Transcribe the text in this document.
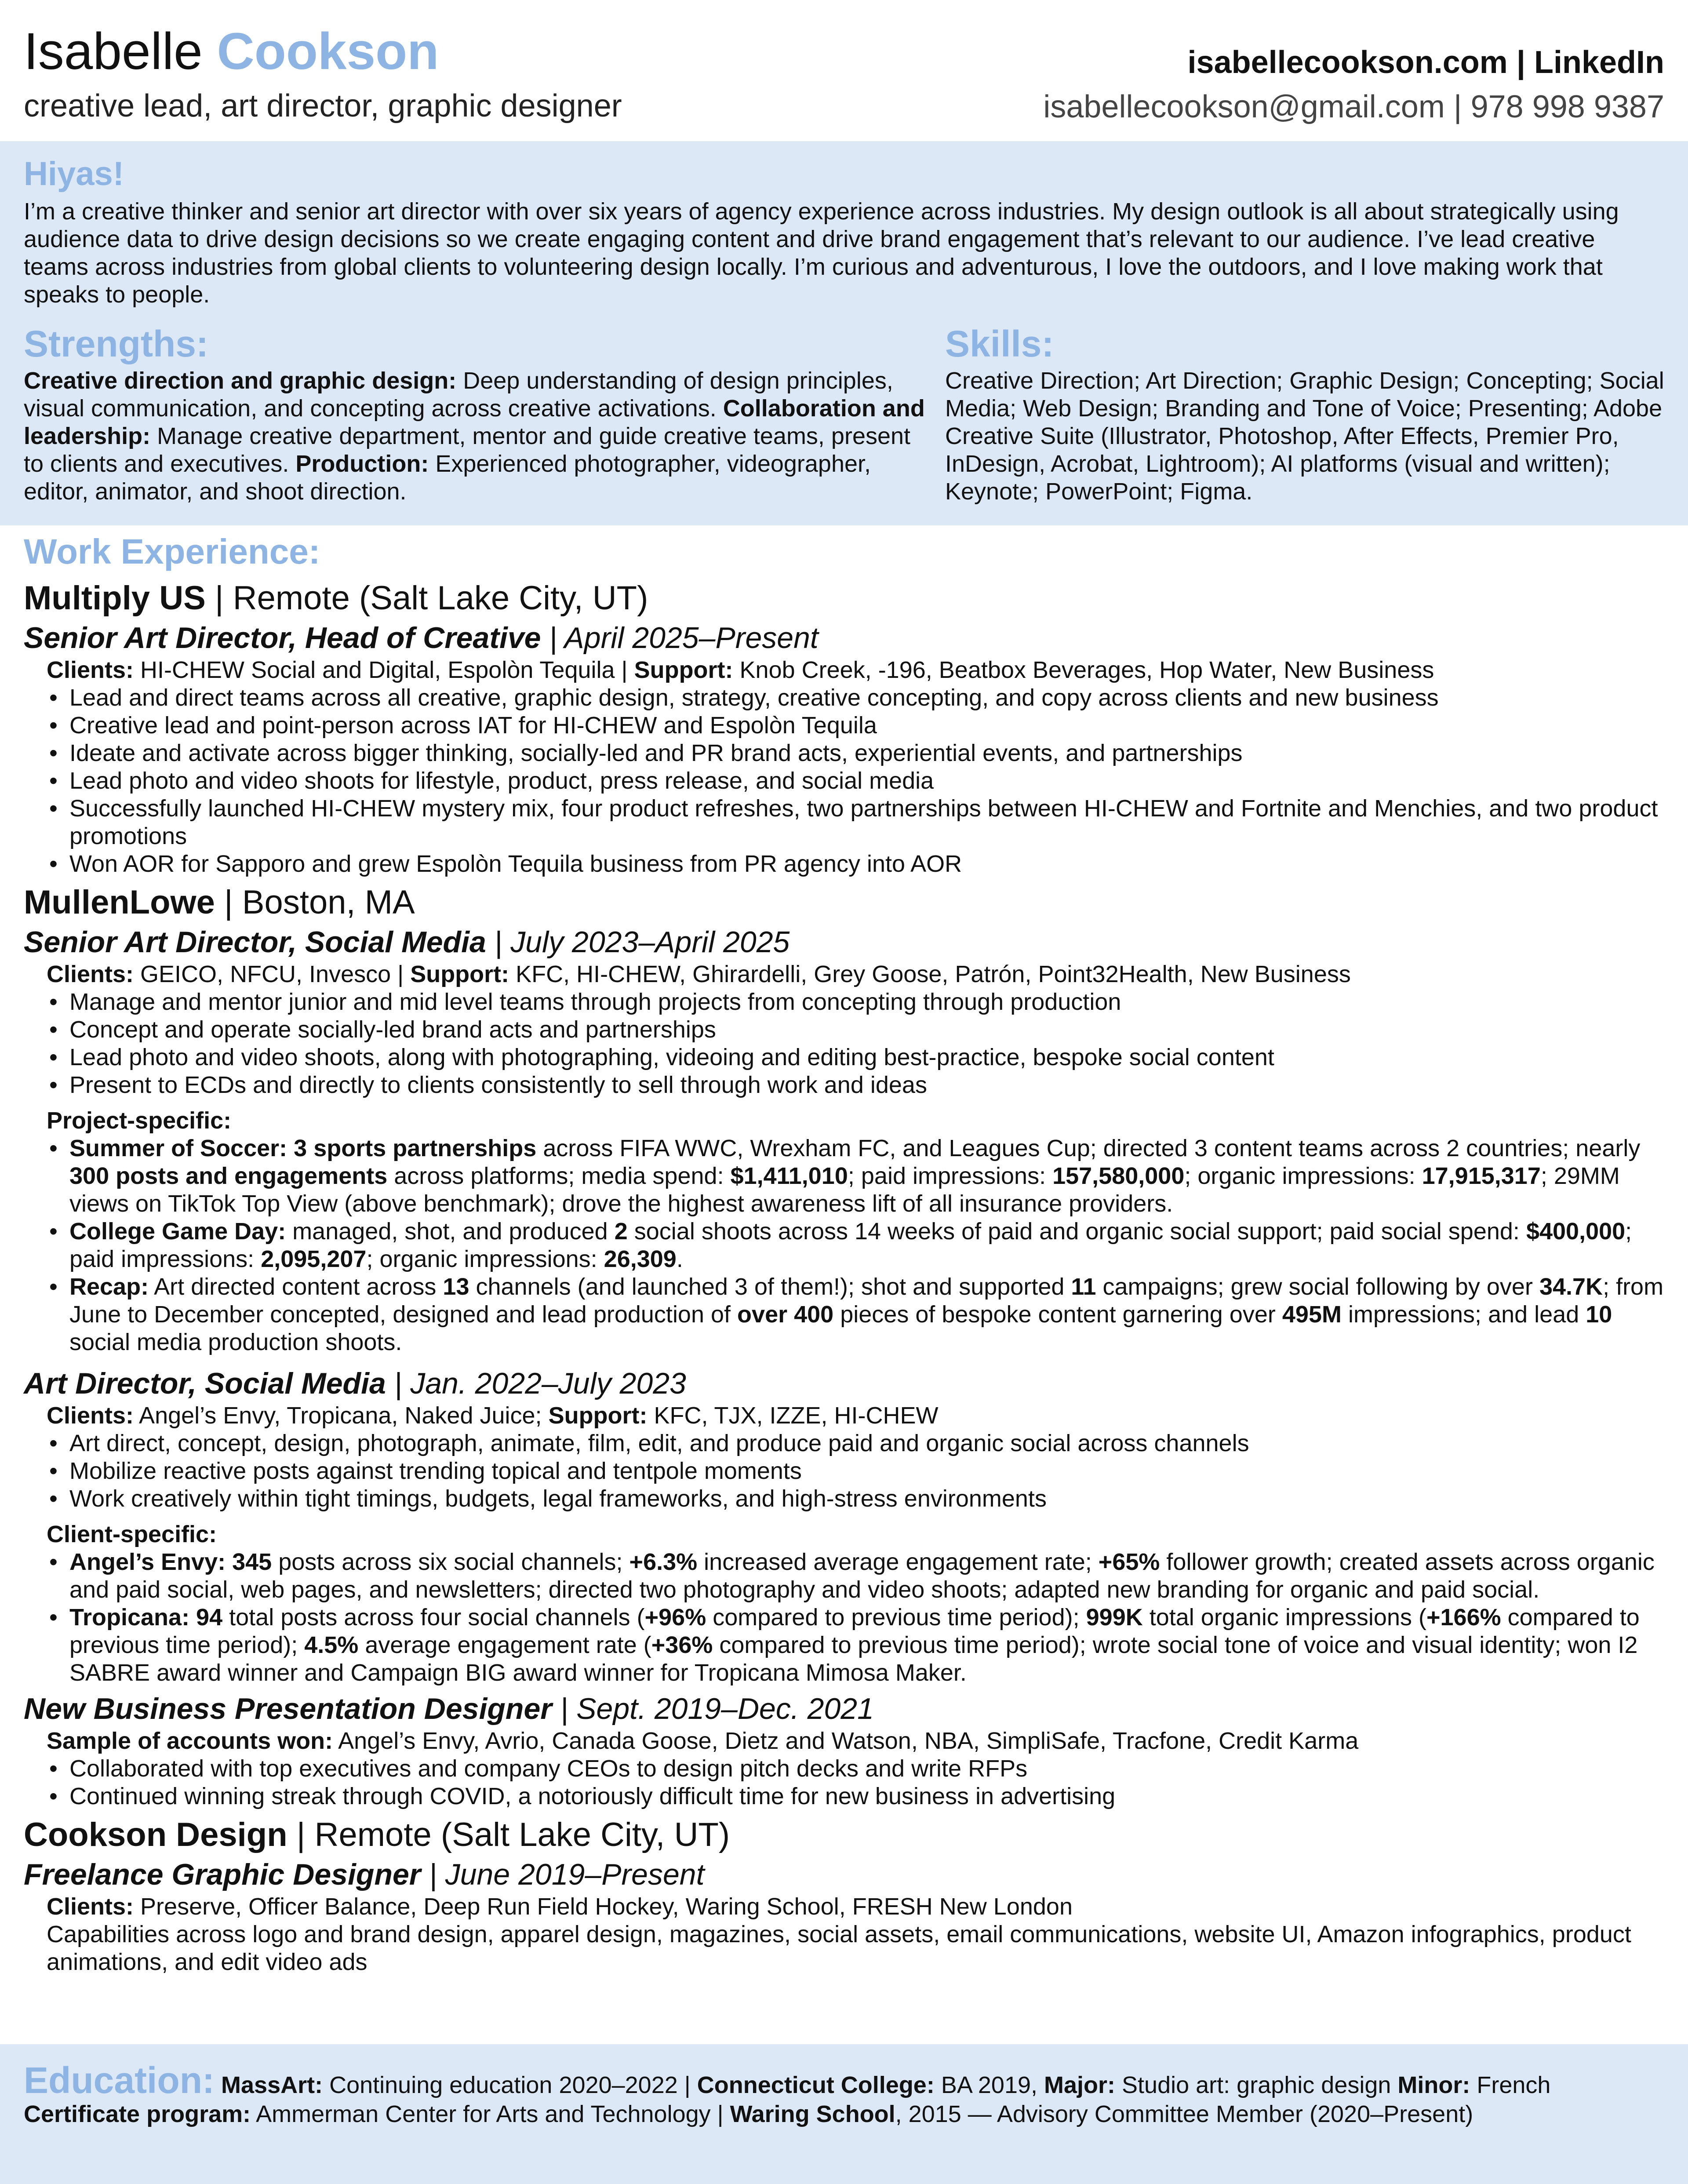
Isabelle Cookson
creative lead, art director, graphic designer
isabellecookson.com | LinkedIn
isabellecookson@gmail.com | 978 998 9387
Hiyas!
I’m a creative thinker and senior art director with over six years of agency experience across industries. My design outlook is all about strategically using audience data to drive design decisions so we create engaging content and drive brand engagement that’s relevant to our audience. I’ve lead creative teams across industries from global clients to volunteering design locally. I’m curious and adventurous, I love the outdoors, and I love making work that speaks to people.
Strengths:
Creative direction and graphic design: Deep understanding of design principles, visual communication, and concepting across creative activations. Collaboration and leadership: Manage creative department, mentor and guide creative teams, present to clients and executives. Production: Experienced photographer, videographer, editor, animator, and shoot direction.
Skills:
Creative Direction; Art Direction; Graphic Design; Concepting; Social Media; Web Design; Branding and Tone of Voice; Presenting; Adobe Creative Suite (Illustrator, Photoshop, After Effects, Premier Pro, InDesign, Acrobat, Lightroom); AI platforms (visual and written); Keynote; PowerPoint; Figma.
Work Experience:
Multiply US | Remote (Salt Lake City, UT)
Senior Art Director, Head of Creative | April 2025–Present
Clients: HI-CHEW Social and Digital, Espolòn Tequila | Support: Knob Creek, -196, Beatbox Beverages, Hop Water, New Business
• Lead and direct teams across all creative, graphic design, strategy, creative concepting, and copy across clients and new business
• Creative lead and point-person across IAT for HI-CHEW and Espolòn Tequila
• Ideate and activate across bigger thinking, socially-led and PR brand acts, experiential events, and partnerships
• Lead photo and video shoots for lifestyle, product, press release, and social media
• Successfully launched HI-CHEW mystery mix, four product refreshes, two partnerships between HI-CHEW and Fortnite and Menchies, and two product promotions
• Won AOR for Sapporo and grew Espolòn Tequila business from PR agency into AOR
MullenLowe | Boston, MA
Senior Art Director, Social Media | July 2023–April 2025
Clients: GEICO, NFCU, Invesco | Support: KFC, HI-CHEW, Ghirardelli, Grey Goose, Patrón, Point32Health, New Business
• Manage and mentor junior and mid level teams through projects from concepting through production
• Concept and operate socially-led brand acts and partnerships
• Lead photo and video shoots, along with photographing, videoing and editing best-practice, bespoke social content
• Present to ECDs and directly to clients consistently to sell through work and ideas
Project-specific:
• Summer of Soccer: 3 sports partnerships across FIFA WWC, Wrexham FC, and Leagues Cup; directed 3 content teams across 2 countries; nearly 300 posts and engagements across platforms; media spend: $1,411,010; paid impressions: 157,580,000; organic impressions: 17,915,317; 29MM views on TikTok Top View (above benchmark); drove the highest awareness lift of all insurance providers.
• College Game Day: managed, shot, and produced 2 social shoots across 14 weeks of paid and organic social support; paid social spend: $400,000; paid impressions: 2,095,207; organic impressions: 26,309.
• Recap: Art directed content across 13 channels (and launched 3 of them!); shot and supported 11 campaigns; grew social following by over 34.7K; from June to December concepted, designed and lead production of over 400 pieces of bespoke content garnering over 495M impressions; and lead 10 social media production shoots.
Art Director, Social Media | Jan. 2022–July 2023
Clients: Angel’s Envy, Tropicana, Naked Juice; Support: KFC, TJX, IZZE, HI-CHEW
• Art direct, concept, design, photograph, animate, film, edit, and produce paid and organic social across channels
• Mobilize reactive posts against trending topical and tentpole moments
• Work creatively within tight timings, budgets, legal frameworks, and high-stress environments
Client-specific:
• Angel’s Envy: 345 posts across six social channels; +6.3% increased average engagement rate; +65% follower growth; created assets across organic and paid social, web pages, and newsletters; directed two photography and video shoots; adapted new branding for organic and paid social.
• Tropicana: 94 total posts across four social channels (+96% compared to previous time period); 999K total organic impressions (+166% compared to previous time period); 4.5% average engagement rate (+36% compared to previous time period); wrote social tone of voice and visual identity; won I2 SABRE award winner and Campaign BIG award winner for Tropicana Mimosa Maker.
New Business Presentation Designer | Sept. 2019–Dec. 2021
Sample of accounts won: Angel’s Envy, Avrio, Canada Goose, Dietz and Watson, NBA, SimpliSafe, Tracfone, Credit Karma
• Collaborated with top executives and company CEOs to design pitch decks and write RFPs
• Continued winning streak through COVID, a notoriously difficult time for new business in advertising
Cookson Design | Remote (Salt Lake City, UT)
Freelance Graphic Designer | June 2019–Present
Clients: Preserve, Officer Balance, Deep Run Field Hockey, Waring School, FRESH New London
Capabilities across logo and brand design, apparel design, magazines, social assets, email communications, website UI, Amazon infographics, product animations, and edit video ads
Education: MassArt: Continuing education 2020–2022 | Connecticut College: BA 2019, Major: Studio art: graphic design Minor: French
Certificate program: Ammerman Center for Arts and Technology | Waring School, 2015 — Advisory Committee Member (2020–Present)
